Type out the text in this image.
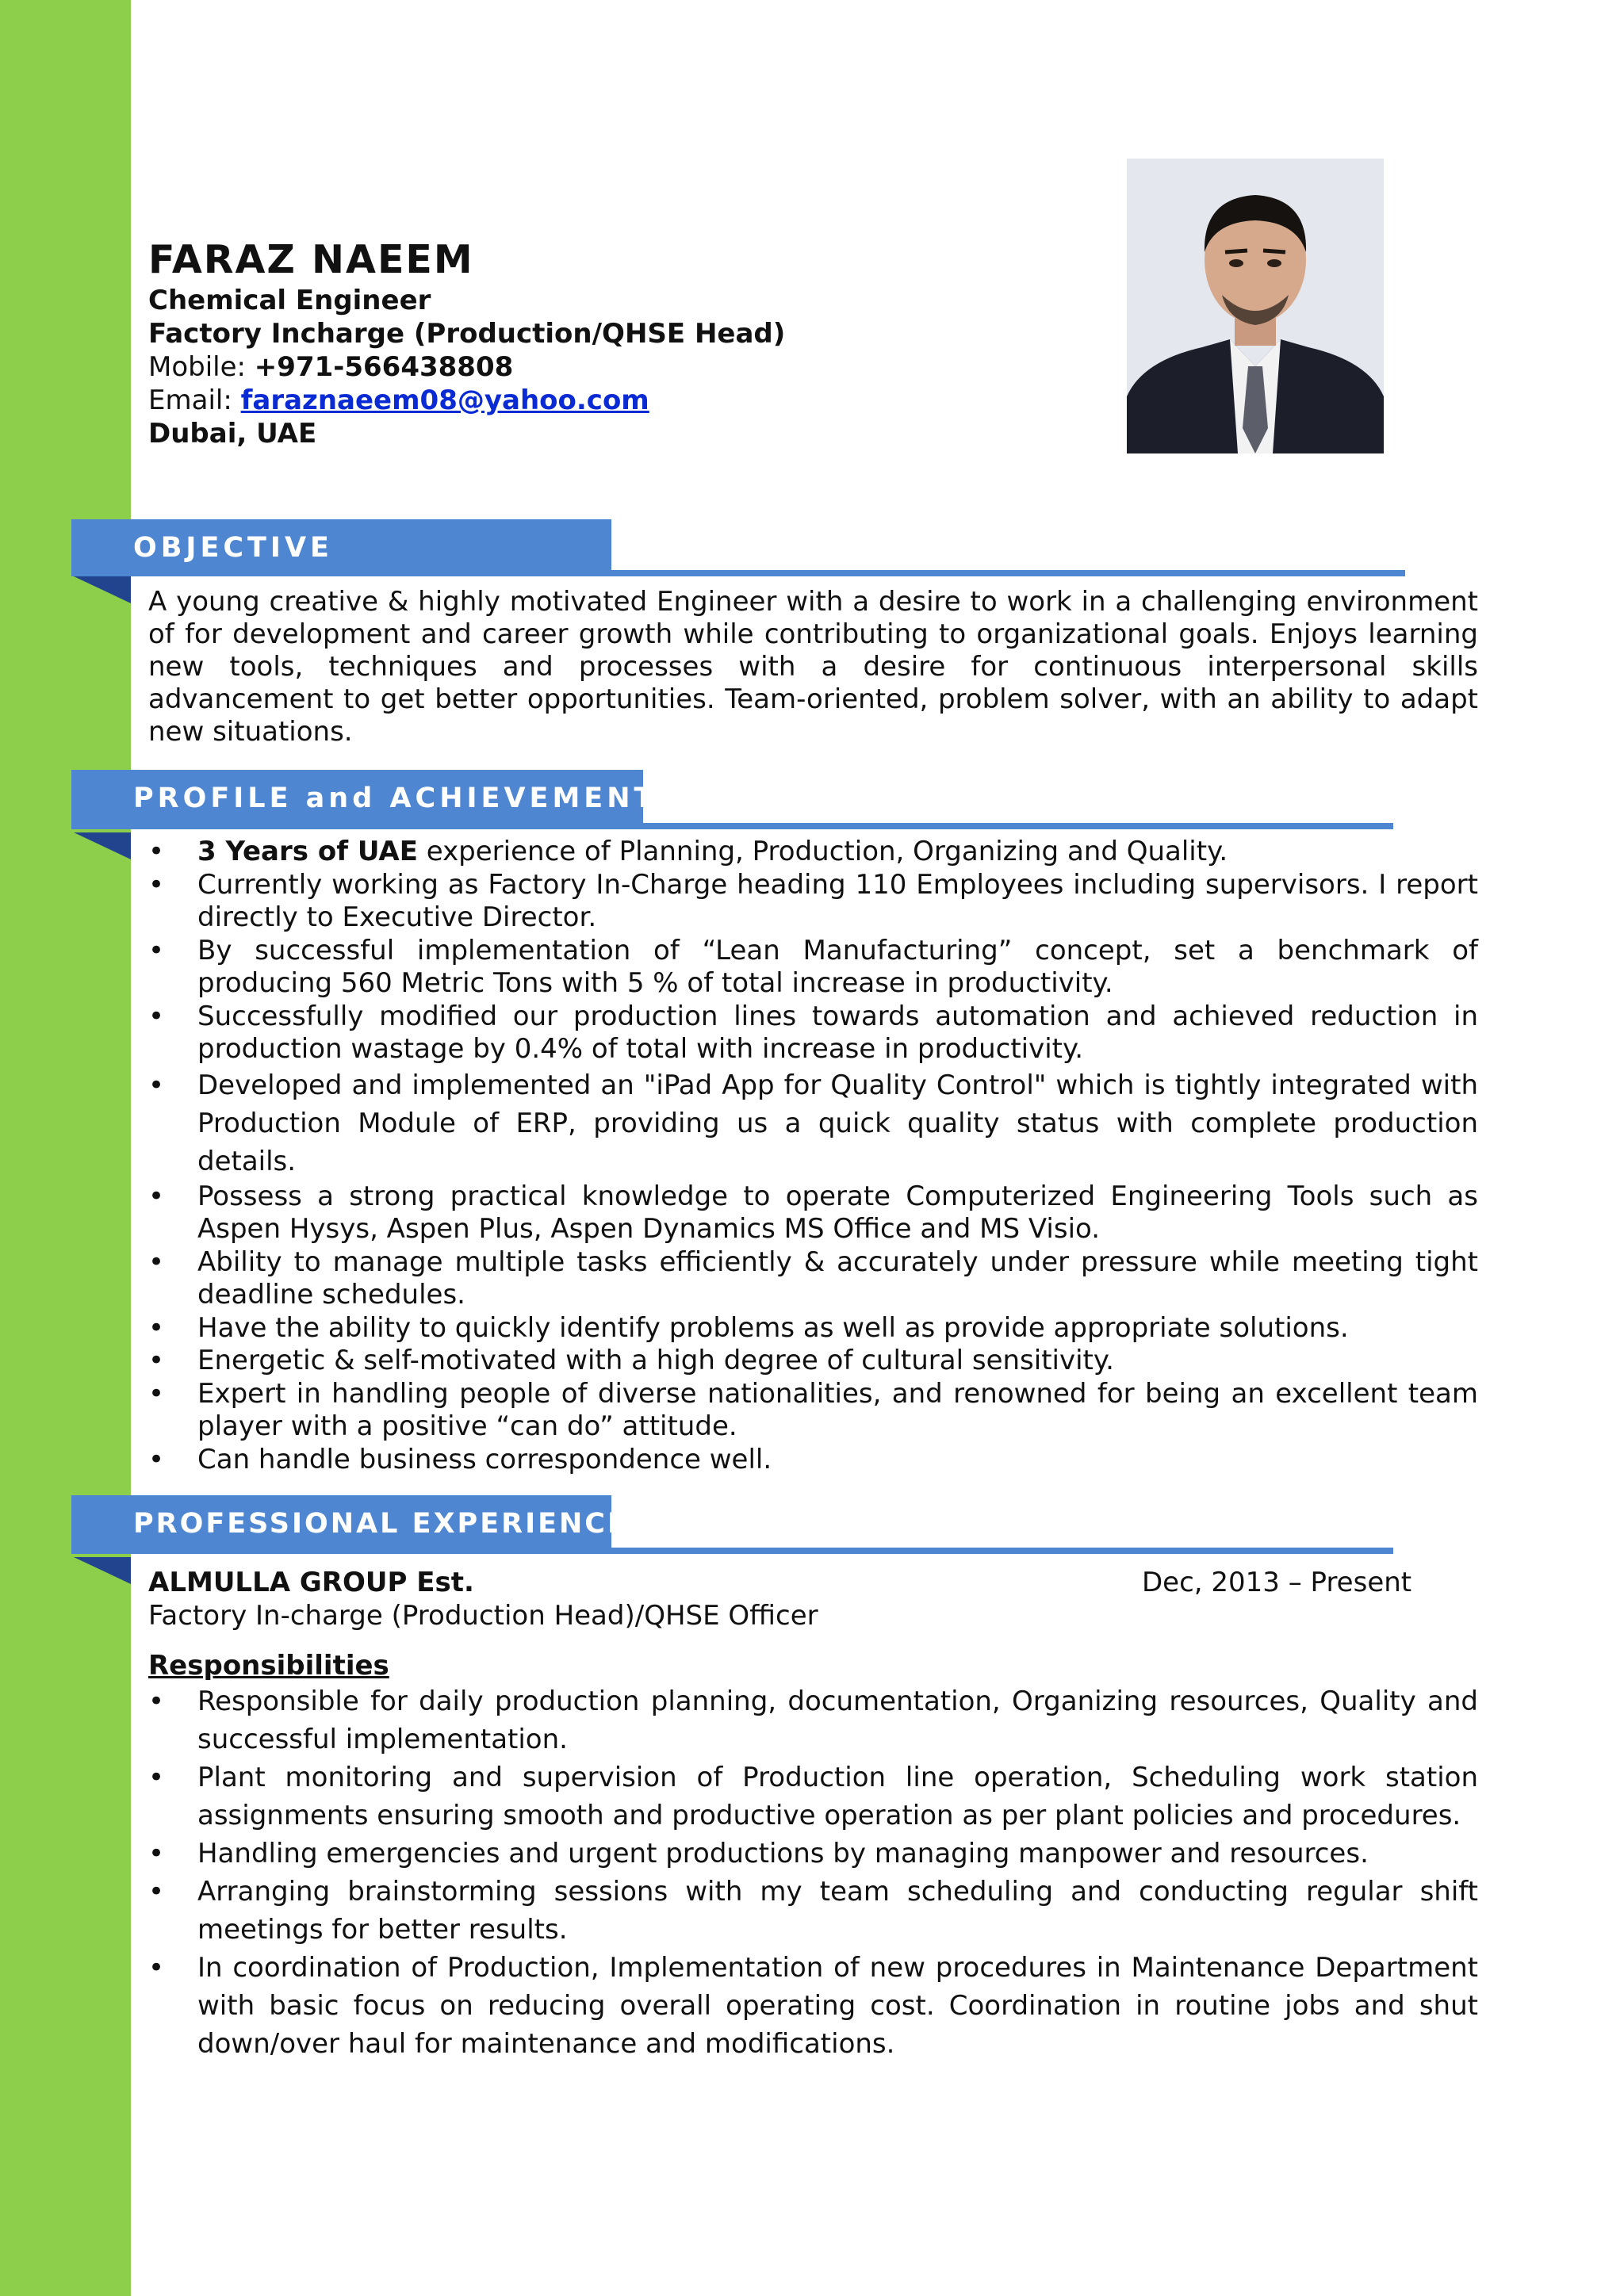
FARAZ NAEEM
Chemical Engineer
Factory Incharge (Production/QHSE Head)
Mobile: +971-566438808
Email: faraznaeem08@yahoo.com
Dubai, UAE
OBJECTIVE

A young creative & highly motivated Engineer with a desire to work in a challenging environment of for development and career growth while contributing to organizational goals. Enjoys learning new tools, techniques and processes with a desire for continuous interpersonal skills advancement to get better opportunities. Team-oriented, problem solver, with an ability to adapt new situations.

PROFILE and ACHIEVEMENTS
• 3 Years of UAE experience of Planning, Production, Organizing and Quality.
• Currently working as Factory In-Charge heading 110 Employees including supervisors. I report directly to Executive Director.
• By successful implementation of “Lean Manufacturing” concept, set a benchmark of producing 560 Metric Tons with 5 % of total increase in productivity.
• Successfully modified our production lines towards automation and achieved reduction in production wastage by 0.4% of total with increase in productivity.
• Developed and implemented an "iPad App for Quality Control" which is tightly integrated with Production Module of ERP, providing us a quick quality status with complete production details.
• Possess a strong practical knowledge to operate Computerized Engineering Tools such as Aspen Hysys, Aspen Plus, Aspen Dynamics MS Office and MS Visio.
• Ability to manage multiple tasks efficiently & accurately under pressure while meeting tight deadline schedules.
• Have the ability to quickly identify problems as well as provide appropriate solutions.
• Energetic & self-motivated with a high degree of cultural sensitivity.
• Expert in handling people of diverse nationalities, and renowned for being an excellent team player with a positive “can do” attitude.
• Can handle business correspondence well.
PROFESSIONAL EXPERIENCE
ALMULLA GROUP Est.	Dec, 2013 – Present
Factory In-charge (Production Head)/QHSE Officer
Responsibilities
• Responsible for daily production planning, documentation, Organizing resources, Quality and successful implementation.
• Plant monitoring and supervision of Production line operation, Scheduling work station assignments ensuring smooth and productive operation as per plant policies and procedures.
• Handling emergencies and urgent productions by managing manpower and resources.
• Arranging brainstorming sessions with my team scheduling and conducting regular shift meetings for better results.
• In coordination of Production, Implementation of new procedures in Maintenance Department with basic focus on reducing overall operating cost. Coordination in routine jobs and shut down/over haul for maintenance and modifications.
